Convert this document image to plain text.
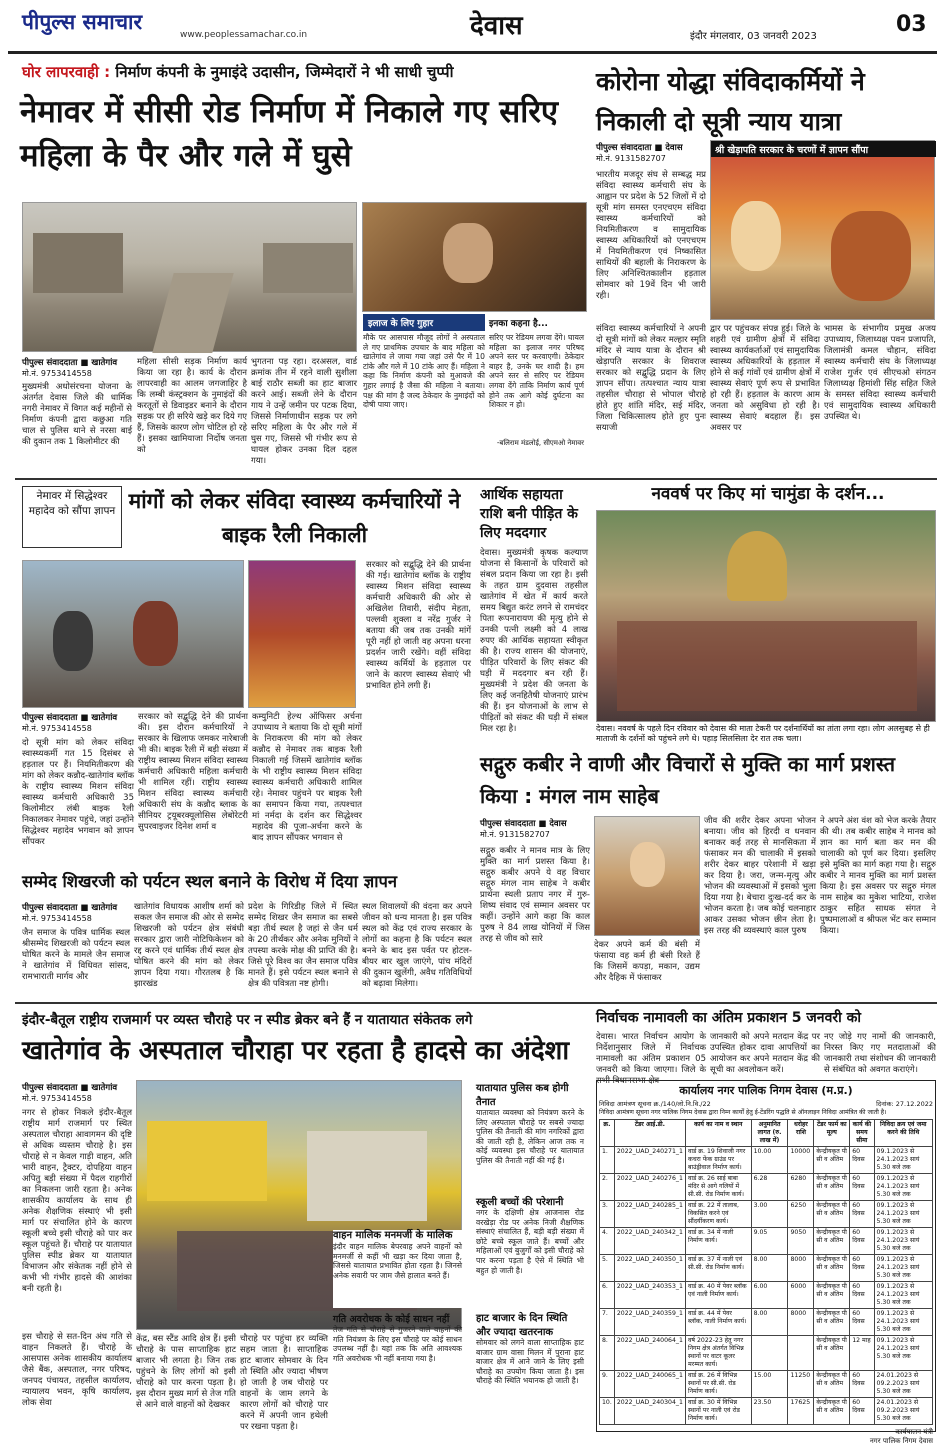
पीपुल्स समाचार
www.peoplessamachar.co.in	देवास	इंदौर मंगलवार, 03 जनवरी 2023	03
घोर लापरवाही : निर्माण कंपनी के नुमाइंदे उदासीन, जिम्मेदारों ने भी साधी चुप्पी
नेमावर में सीसी रोड निर्माण में निकाले गए सरिए महिला के पैर और गले में घुसे
इलाज के लिए गुहार
मौके पर आसपास मौजूद लोगों ने अस्पताल ले गए प्राथमिक उपचार के बाद महिला को खातेगांव ले जाया गया जहां उसे पैर में 10 टांके और गले में 10 टांके आए हैं। महिला ने कहा कि निर्माण कंपनी को मुआवजे की गुहार लगाई है जैसा की महिला ने बताया। पक्ष की मांग है जल्द ठेकेदार के नुमाइंदों को दोषी पाया जाए।
इनका कहना है...
सरिए पर रेडियम लगवा देंगे। घायल महिला का इलाज नगर परिषद अपने स्तर पर करवाएगी। ठेकेदार बाहर है, उनके घर शादी है। हम अपने स्तर से सरिए पर रेडियम लगवा देंगे ताकि निर्माण कार्य पूर्ण होने तक आगे कोई दुर्घटना का शिकार न हो।
-बलिराम मंडलोई, सीएमओ नेमावर
पीपुल्स संवाददाता ■ खातेगांव
मो.नं. 9753414558
मुख्यमंत्री अधोसंरचना योजना के अंतर्गत देवास जिले की धार्मिक नगरी नेमावर में विगत कई महीनों से निर्माण कंपनी द्वारा कछुआ गति चाल से पुलिस थाने से नरसा बाई की दुकान तक 1 किलोमीटर की
महिला सीसी सड़क निर्माण कार्य किया जा रहा है। कार्य के दौरान लापरवाही का आलम जगजाहिर है कि लम्बी कंस्ट्रक्शन के नुमाइंदों की करतूतों से डिवाइडर बनाने के दौरान सड़क पर ही सरिये खड़े कर दिये गए हैं, जिसके कारण लोग चोटिल हो रहे हैं। इसका खामियाजा निर्दोष जनता को
भुगतना पड़ रहा। दरअसल, वार्ड क्रमांक तीन में रहने वाली सुशीला बाई राठौर सब्जी का हाट बाजार करने आई। सब्जी लेने के दौरान गाय ने उन्हें जमीन पर पटक दिया, जिससे निर्माणाधीन सड़क पर लगे सरिए महिला के पैर और गले में घुस गए, जिससे भी गंभीर रूप से घायल होकर उनका दिल दहल गया।
कोरोना योद्धा संविदाकर्मियों ने निकाली दो सूत्री न्याय यात्रा
पीपुल्स संवाददाता ■ देवास
मो.नं. 9131582707
श्री खेड़ापति सरकार के चरणों में ज्ञापन सौंपा
भारतीय मजदूर संघ से सम्बद्ध मप्र संविदा स्वास्थ्य कर्मचारी संघ के आह्वान पर प्रदेश के 52 जिलों में दो सूत्री मांग समस्त एनएचएम संविदा स्वास्थ्य कर्मचारियों को नियमितीकरण व सामुदायिक स्वास्थ्य अधिकारियों को एनएचएम में नियमितीकरण एवं निष्कासित साथियों की बहाली के निराकरण के लिए अनिश्चितकालीन हड़ताल सोमवार को 19वें दिन भी जारी रही।
संविदा स्वास्थ्य कर्मचारियों ने अपनी दो सूत्री मांगों को लेकर मल्हार स्मृति मंदिर से न्याय यात्रा के दौरान श्री खेड़ापति सरकार के शिवराज सरकार को सद्बुद्धि प्रदान के लिए ज्ञापन सौंपा। तत्पश्चात न्याय यात्रा तहसील चौराहा से भोपाल चौराहे होते हुए शांति मंदिर, सई मंदिर, जिला चिकित्सालय होते हुए पुनः सयाजी
द्वार पर पहुंचकर संपन्न हुई। जिले के शहरी एवं ग्रामीण क्षेत्रों में संविदा स्वास्थ्य कार्यकर्ताओं एवं सामुदायिक स्वास्थ्य अधिकारियों के हड़ताल में होने से कई गांवों एवं ग्रामीण क्षेत्रों में स्वास्थ्य सेवाएं पूर्ण रूप से प्रभावित हो रही हैं। हड़ताल के कारण आम जनता को असुविधा हो रही है। स्वास्थ्य सेवाएं बदहाल हैं। इस अवसर पर
भामस के संभागीय प्रमुख अजय उपाध्याय, जिलाध्यक्ष पवन प्रजापति, जिलामंत्री कमल चौहान, संविदा स्वास्थ्य कर्मचारी संघ के जिलाध्यक्ष राजेश गुर्जर एवं सीएचओ संगठन जिलाध्यक्ष हिमांशी सिंह सहित जिले के समस्त संविदा स्वास्थ्य कर्मचारी एवं सामुदायिक स्वास्थ्य अधिकारी उपस्थित थे।
नेमावर में सिद्धेश्वर महादेव को सौंपा ज्ञापन मांगों को लेकर संविदा स्वास्थ्य कर्मचारियों ने बाइक रैली निकाली
पीपुल्स संवाददाता ■ खातेगांव
मो.नं. 9753414558
दो सूत्री मांग को लेकर संविदा स्वास्थ्यकर्मी गत 15 दिसंबर से हड़ताल पर हैं। नियमितीकरण की मांग को लेकर कन्नौद-खातेगांव ब्लॉक के राष्ट्रीय स्वास्थ्य मिशन संविदा स्वास्थ्य कर्मचारी अधिकारी 35 किलोमीटर लंबी बाइक रैली निकालकर नेमावर पहुंचे, जहां उन्होंने सिद्धेश्वर महादेव भगवान को ज्ञापन सौंपकर
सरकार को सद्बुद्धि देने की प्रार्थना की। इस दौरान कर्मचारियों ने सरकार के खिलाफ जमकर नारेबाजी भी की। बाइक रैली में बड़ी संख्या में राष्ट्रीय स्वास्थ्य मिशन संविदा स्वास्थ्य कर्मचारी अधिकारी महिला कर्मचारी भी शामिल रहीं। राष्ट्रीय स्वास्थ्य मिशन संविदा स्वास्थ्य कर्मचारी अधिकारी संघ के कन्नौद ब्लाक के सीनियर ट्रयूबरक्यूलोसिस लेबोरेटरी सुपरवाइजर दिनेश शर्मा व
कम्युनिटी हेल्थ ऑफिसर अर्चना उपाध्याय ने बताया कि दो सूत्री मांगों के निराकरण की मांग को लेकर कन्नौद से नेमावर तक बाइक रैली निकाली गई जिसमें खातेगांव ब्लॉक के भी राष्ट्रीय स्वास्थ्य मिशन संविदा स्वास्थ्य कर्मचारी अधिकारी शामिल रहे। नेमावर पहुंचने पर बाइक रैली का समापन किया गया, तत्पश्चात मां नर्मदा के दर्शन कर सिद्धेश्वर महादेव की पूजा-अर्चना करने के बाद ज्ञापन सौंपकर भगवान से
सरकार को सद्बुद्धि देने की प्रार्थना की गई। खातेगांव ब्लॉक के राष्ट्रीय स्वास्थ्य मिशन संविदा स्वास्थ्य कर्मचारी अधिकारी की ओर से अखिलेश तिवारी, संदीप मेहता, पल्लवी शुक्ला व नरेंद्र गुर्जर ने बताया की जब तक उनकी मांगें पूरी नहीं हो जाती वह अपना धरना प्रदर्शन जारी रखेंगे। वहीं संविदा स्वास्थ्य कर्मियों के हड़ताल पर जाने के कारण स्वास्थ्य सेवाएं भी प्रभावित होने लगी हैं।
आर्थिक सहायता राशि बनी पीड़ित के लिए मददगार
देवास। मुख्यमंत्री कृषक कल्याण योजना से किसानों के परिवारों को संबल प्रदान किया जा रहा है। इसी के तहत ग्राम दुदवास तहसील खातेगांव में खेत में कार्य करते समय बिद्युत करंट लगने से रामचंदर पिता रूपनारायण की मृत्यु होने से उनकी पत्नी लक्ष्मी को 4 लाख रुपए की आर्थिक सहायता स्वीकृत की है। राज्य शासन की योजनाएं, पीड़ित परिवारों के लिए संकट की घड़ी में मददगार बन रही हैं। मुख्यमंत्री ने प्रदेश की जनता के लिए कई जनहितैषी योजनाएं प्रारंभ की हैं। इन योजनाओं के लाभ से पीड़ितों को संकट की घड़ी में संबल मिल रहा है।
नववर्ष पर किए मां चामुंडा के दर्शन...
देवास। नववर्ष के पहले दिन रविवार को देवास की माता टेकरी पर दर्शनार्थियों का तांता लगा रहा। लोग अलसुबह से ही माताजी के दर्शनों को पहुंचने लगे थे। पहाड़ सिलसिला देर रात तक चला।
सद्गुरु कबीर ने वाणी और विचारों से मुक्ति का मार्ग प्रशस्त किया : मंगल नाम साहेब
पीपुल्स संवाददाता ■ देवास
मो.नं. 9131582707
सद्गुरु कबीर ने मानव मात्र के लिए मुक्ति का मार्ग प्रशस्त किया है। सद्गुरु कबीर अपने ये वह विचार सद्गुरु मंगल नाम साहेब ने कबीर प्रार्थना स्थली प्रताप नगर में गुरु-शिष्य संवाद एवं सम्मान अवसर पर कहीं। उन्होंने आगे कहा कि काल पुरुष ने 84 लाख योनियों में जिस तरह से जीव को सारे
देकर अपने कर्म की बंसी में फंसाया वह कर्म ही बंसी रिश्ते हैं कि जिसमें कपड़ा, मकान, उद्यम और दैहिक में फंसाकर
जीव की शरीर देकर अपना भोजन बनाया। जीव को हिरदी व धनवान बनाकर कई तरह से मानसिकता में फंसाकर मन की चालाकी में इसको शरीर देकर बाहर परेशानी में खड़ा कर दिया है। जरा, जन्म-मृत्यु और भोजन की व्यवस्थाओं में इसको भुला दिया गया है। बेचारा दुःख-दर्द कर के भोजन करता है। जब कोई चलनाहार आकर उसका भोजन छीन लेता है। इस तरह की व्यवस्थाएं काल पुरुष
ने अपने अंश वंश को भेज करके तैयार की थी। तब कबीर साहेब ने मानव को ज्ञान का मार्ग बता कर मन की चालाकी को पूर्ण कर दिया। इसलिए इसे मुक्ति का मार्ग कहा गया है। सद्गुरु कबीर ने मानव मुक्ति का मार्ग प्रशस्त किया है। इस अवसर पर सद्गुरु मंगल नाम साहेब का मुकेश भाटिया, राजेश ठाकुर सहित साधक संगत ने पुष्पमालाओं व श्रीफल भेंट कर सम्मान किया।
सम्मेद शिखरजी को पर्यटन स्थल बनाने के विरोध में दिया ज्ञापन
पीपुल्स संवाददाता ■ खातेगांव
मो.नं. 9753414558
जैन समाज के पवित्र धार्मिक स्थल श्रीसम्मेद शिखरजी को पर्यटन स्थल घोषित करने के मामले जैन समाज ने खातेगांव में विधिवत सांसद, रामभाराती मार्गव और
खातेगांव विधायक आशीष शर्मा को सकल जैन समाज की ओर से सम्मेद शिखरजी को पर्यटन क्षेत्र संबंधी सरकार द्वारा जारी नोटिफिकेशन को रद्द करने एवं धार्मिक तीर्थ स्थल क्षेत्र घोषित करने की मांग को लेकर ज्ञापन दिया गया। गौरतलब है कि झारखंड
प्रदेश के गिरिडीह जिले में स्थित सम्मेद शिखर जैन समाज का सबसे बड़ा तीर्थ स्थल है जहां से जैन धर्म के 20 तीर्थंकर और अनेक मुनियों ने तपस्या करके मोक्ष की प्राप्ति की है। जिसे पूरे विश्व का जैन समाज पवित्र मानते हैं। इसे पर्यटन स्थल बनाने से क्षेत्र की पवित्रता नष्ट होगी।
स्थल शिवालयों की वंदना कर अपने जीवन को धन्य मानता है। इस पवित्र स्थल को केंद्र एवं राज्य सरकार के लोगों का कहना है कि पर्यटन स्थल बनने के बाद इस पर्वत पर होटल-बीयर बार खुल जाएंगे, पांच मंदिरों की दुकान खुलेंगी, अवैध गतिविधियों को बढ़ावा मिलेगा।
इंदौर-बैतूल राष्ट्रीय राजमार्ग पर व्यस्त चौराहे पर न स्पीड ब्रेकर बने हैं न यातायात संकेतक लगे
खातेगांव के अस्पताल चौराहा पर रहता है हादसे का अंदेशा
पीपुल्स संवाददाता ■ खातेगांव
मो.नं. 9753414558
नगर से होकर निकले इंदौर-बैतूल राष्ट्रीय मार्ग राजमार्ग पर स्थित अस्पताल चौराहा आवागमन की दृष्टि से अधिक व्यस्तम चौराहे है। इस चौराहे से न केवल गाड़ी वाहन, अति भारी वाहन, ट्रैक्टर, दोपहिया वाहन अपितु बड़ी संख्या में पैदल राहगीरों का निकलना जारी रहता है। अनेक शासकीय कार्यालय के साथ ही अनेक शैक्षणिक संस्थाएं भी इसी मार्ग पर संचालित होने के कारण स्कूली बच्चे इसी चौराहे को पार कर स्कूल पहुंचते हैं। चौराहे पर यातायात पुलिस स्पीड ब्रेकर या यातायात विभाजन और संकेतक नहीं होने से कभी भी गंभीर हादसे की आशंका बनी रहती है।
इस चौराहे से सत-दिन अंध गति से वाहन निकलते हैं। चौराहे के आसपास अनेक शासकीय कार्यालय जैसे बैंक, अस्पताल, नगर परिषद, जनपद पंचायत, तहसील कार्यालय, न्यायालय भवन, कृषि कार्यालय, लोक सेवा
वाहन मालिक मनमर्जी के मालिक
इंदौर वाहन मालिक बेपरवाह अपने वाहनों को मनमर्जी से कहीं भी खड़ा कर दिया जाता है, जिससे यातायात प्रभावित होता रहता है। जिनसे अनेक सवारी पर जाम जैसे हालात बनते हैं।
केंद्र, बस स्टैंड आदि क्षेत्र हैं। इसी चौराहे के पास साप्ताहिक हाट बाजार भी लगता है। जिन तक पहुंचने के लिए लोगों को इसी चौराहे को पार करना पड़ता है। इस दौरान मुख्य मार्ग से तेज गति से आने वाले वाहनों को देखकर
चौराहे पर पहुंचा हर व्यक्ति सहम जाता है। साप्ताहिक हाट बाजार सोमवार के दिन तो स्थिति और ज्यादा भीषण हो जाती है जब चौराहे पर वाहनों के जाम लगने के कारण लोगों को चौराहे पार करने में अपनी जान हथेली पर रखना पड़ता है।
गति अवरोधक के कोई साधन नहीं
तेज गति से चौराहे से गुजरने वाले वाहनों की गति नियंत्रण के लिए इस चौराहे पर कोई साधन उपलब्ध नहीं है। यहां तक कि अति आवश्यक गति अवरोधक भी नहीं बनाया गया है।
यातायात पुलिस कब होगी तैनात
यातायात व्यवस्था को नियंत्रण करने के लिए अस्पताल चौराहे पर सबसे ज्यादा पुलिस की तैनाती की मांग नगरिकों द्वारा की जाती रही है, लेकिन आज तक न कोई व्यवस्था इस चौराहे पर यातायात पुलिस की तैनाती नहीं की गई है।
स्कूली बच्चों की परेशानी
नगर के दक्षिणी क्षेत्र आजनास रोड वरखेड़ा रोड पर अनेक निजी शैक्षणिक संस्थाएं संचालित हैं, बड़ी बड़ी संख्या में छोटे बच्चे स्कूल जाते हैं। बच्चों और महिलाओं एवं बुजुर्गों को इसी चौराहे को पार करना पड़ता है ऐसे में स्थिति भी बहुत हो जाती है।
हाट बाजार के दिन स्थिति और ज्यादा खतरनाक
सोमवार को लगने वाला साप्ताहिक हाट बाजार ग्राम वासा मिलन में पुराना हाट बाजार क्षेत्र में आने जाने के लिए इसी चौराहे का उपयोग किया जाता है। इस चौराहे की स्थिति भयानक हो जाती है।
निर्वाचक नामावली का अंतिम प्रकाशन 5 जनवरी को
देवास। भारत निर्वाचन आयोग के निर्देशानुसार जिले में निर्वाचक नामावली का अंतिम प्रकाशन 05 जनवरी को किया जाएगा। जिले के सभी विधानसभा क्षेत्र
जानकारी को अपने मतदान केंद्र पर उपस्थित होकर दावा आपत्तियों का आयोजन कर अपने मतदान केंद्र की सूची का अवलोकन करें।
नए जोड़े गए नामों की जानकारी, निरस्त किए गए मतदाताओं की जानकारी तथा संशोधन की जानकारी से संबंधित को अवगत कराएंगे।
कार्यालय नगर पालिक निगम देवास (म.प्र.)
निविदा आमंत्रण सूचना क्र./140/लो.नि.वि./22	दिनांक: 27.12.2022
निविदा आमंत्रण सूचना नगर पालिक निगम देवास द्वारा निम्न कार्यों हेतु ई-टेंडरिंग पद्धति से ऑनलाइन निविदा आमंत्रित की जाती है।
क्र.	टेंडर आई.डी.	कार्य का नाम व स्थान	अनुमानित लागत (रु. लाख में)	धरोहर राशि	टेंडर फार्म का मूल्य	कार्य की समय सीमा	निविदा क्रय एवं जमा करने की तिथि
1.	2022_UAD_240271_1	वार्ड क्र. 19 शिवाजी नगर कचरा फेंक ग्राउंड पर बाउंड्रीवाल निर्माण कार्य।	10.00	10000	केन्द्रीयकृत पी सी व अंतिम	60 दिवस	09.1.2023 से 24.1.2023 सायं 5.30 बजे तक
2.	2022_UAD_240276_1	वार्ड क्र. 26 साई बाबा मंदिर से आगे गलियों में सी.सी. रोड निर्माण कार्य।	6.28	6280	केन्द्रीयकृत पी सी व अंतिम	60 दिवस	09.1.2023 से 24.1.2023 सायं 5.30 बजे तक
3.	2022_UAD_240285_1	वार्ड क्र. 22 में तालाब, विकसित करने एवं सौंदर्यीकरण कार्य।	3.00	6250	केन्द्रीयकृत पी सी व अंतिम	60 दिवस	09.1.2023 से 24.1.2023 सायं 5.30 बजे तक
4.	2022_UAD_240342_1	वार्ड क्र. 34 में नाली निर्माण कार्य।	9.05	9050	केन्द्रीयकृत पी सी व अंतिम	60 दिवस	09.1.2023 से 24.1.2023 सायं 5.30 बजे तक
5.	2022_UAD_240350_1	वार्ड क्र. 37 में नाली एवं सी.सी. रोड निर्माण कार्य।	8.00	8000	केन्द्रीयकृत पी सी व अंतिम	60 दिवस	09.1.2023 से 24.1.2023 सायं 5.30 बजे तक
6.	2022_UAD_240353_1	वार्ड क्र. 40 में पेवर ब्लॉक एवं नाली निर्माण कार्य।	6.00	6000	केन्द्रीयकृत पी सी व अंतिम	60 दिवस	09.1.2023 से 24.1.2023 सायं 5.30 बजे तक
7.	2022_UAD_240359_1	वार्ड क्र. 44 में पेवर ब्लॉक, नाली निर्माण कार्य।	8.00	8000	केन्द्रीयकृत पी सी व अंतिम	60 दिवस	09.1.2023 से 24.1.2023 सायं 5.30 बजे तक
8.	2022_UAD_240064_1	वर्ष 2022-23 हेतु नगर निगम क्षेत्र अंतर्गत विभिन्न स्थानों पर वाटर कूलर मरम्मत कार्य।			केन्द्रीयकृत पी सी व अंतिम	12 माह	09.1.2023 से 24.1.2023 सायं 5.30 बजे तक
9.	2022_UAD_240065_1	वार्ड क्र. 26 में विभिन्न स्थानों पर सी.सी. रोड निर्माण कार्य।	15.00	11250	केन्द्रीयकृत पी सी व अंतिम	60 दिवस	24.01.2023 से 09.2.2023 सायं 5.30 बजे तक
10.	2022_UAD_240304_1	वार्ड क्र. 30 में विभिन्न स्थानों पर नाली एवं रोड निर्माण कार्य।	23.50	17625	केन्द्रीयकृत पी सी व अंतिम	60 दिवस	24.01.2023 से 09.2.2023 सायं 5.30 बजे तक
कार्यपालन यंत्री
नगर पालिक निगम देवास
